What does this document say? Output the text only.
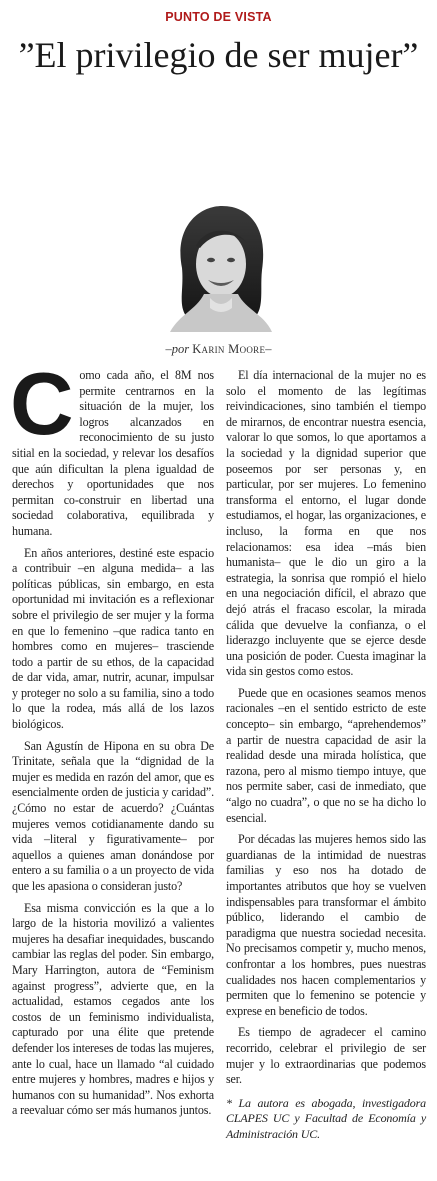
PUNTO DE VISTA
”El privilegio de ser mujer”
–por Karin Moore–

Como cada año, el 8M nos permite centrarnos en la situación de la mujer, los logros alcanzados en reconocimiento de su justo sitial en la sociedad, y relevar los desafíos que aún dificultan la plena igualdad de derechos y oportunidades que nos permitan co-construir en libertad una sociedad colaborativa, equilibrada y humana.

En años anteriores, destiné este espacio a contribuir –en alguna medida– a las políticas públicas, sin embargo, en esta oportunidad mi invitación es a reflexionar sobre el privilegio de ser mujer y la forma en que lo femenino –que radica tanto en hombres como en mujeres– trasciende todo a partir de su ethos, de la capacidad de dar vida, amar, nutrir, acunar, impulsar y proteger no solo a su familia, sino a todo lo que la rodea, más allá de los lazos biológicos.

San Agustín de Hipona en su obra De Trinitate, señala que la “dignidad de la mujer es medida en razón del amor, que es esencialmente orden de justicia y caridad”. ¿Cómo no estar de acuerdo? ¿Cuántas mujeres vemos cotidianamente dando su vida –literal y figurativamente– por aquellos a quienes aman donándose por entero a su familia o a un proyecto de vida que les apasiona o consideran justo?

Esa misma convicción es la que a lo largo de la historia movilizó a valientes mujeres ha desafiar inequidades, buscando cambiar las reglas del poder. Sin embargo, Mary Harrington, autora de “Feminism against progress”, advierte que, en la actualidad, estamos cegados ante los costos de un feminismo individualista, capturado por una élite que pretende defender los intereses de todas las mujeres, ante lo cual, hace un llamado “al cuidado entre mujeres y hombres, madres e hijos y humanos con su humanidad”. Nos exhorta a reevaluar cómo ser más humanos juntos.

El día internacional de la mujer no es solo el momento de las legítimas reivindicaciones, sino también el tiempo de mirarnos, de encontrar nuestra esencia, valorar lo que somos, lo que aportamos a la sociedad y la dignidad superior que poseemos por ser personas y, en particular, por ser mujeres. Lo femenino transforma el entorno, el lugar donde estudiamos, el hogar, las organizaciones, e incluso, la forma en que nos relacionamos: esa idea –más bien humanista– que le dio un giro a la estrategia, la sonrisa que rompió el hielo en una negociación difícil, el abrazo que dejó atrás el fracaso escolar, la mirada cálida que devuelve la confianza, o el liderazgo incluyente que se ejerce desde una posición de poder. Cuesta imaginar la vida sin gestos como estos.

Puede que en ocasiones seamos menos racionales –en el sentido estricto de este concepto– sin embargo, “aprehendemos” a partir de nuestra capacidad de asir la realidad desde una mirada holística, que razona, pero al mismo tiempo intuye, que nos permite saber, casi de inmediato, que “algo no cuadra”, o que no se ha dicho lo esencial.

Por décadas las mujeres hemos sido las guardianas de la intimidad de nuestras familias y eso nos ha dotado de importantes atributos que hoy se vuelven indispensables para transformar el ámbito público, liderando el cambio de paradigma que nuestra sociedad necesita. No precisamos competir y, mucho menos, confrontar a los hombres, pues nuestras cualidades nos hacen complementarios y permiten que lo femenino se potencie y exprese en beneficio de todos.

Es tiempo de agradecer el camino recorrido, celebrar el privilegio de ser mujer y lo extraordinarias que podemos ser.

* La autora es abogada, investigadora CLAPES UC y Facultad de Economía y Administración UC.
